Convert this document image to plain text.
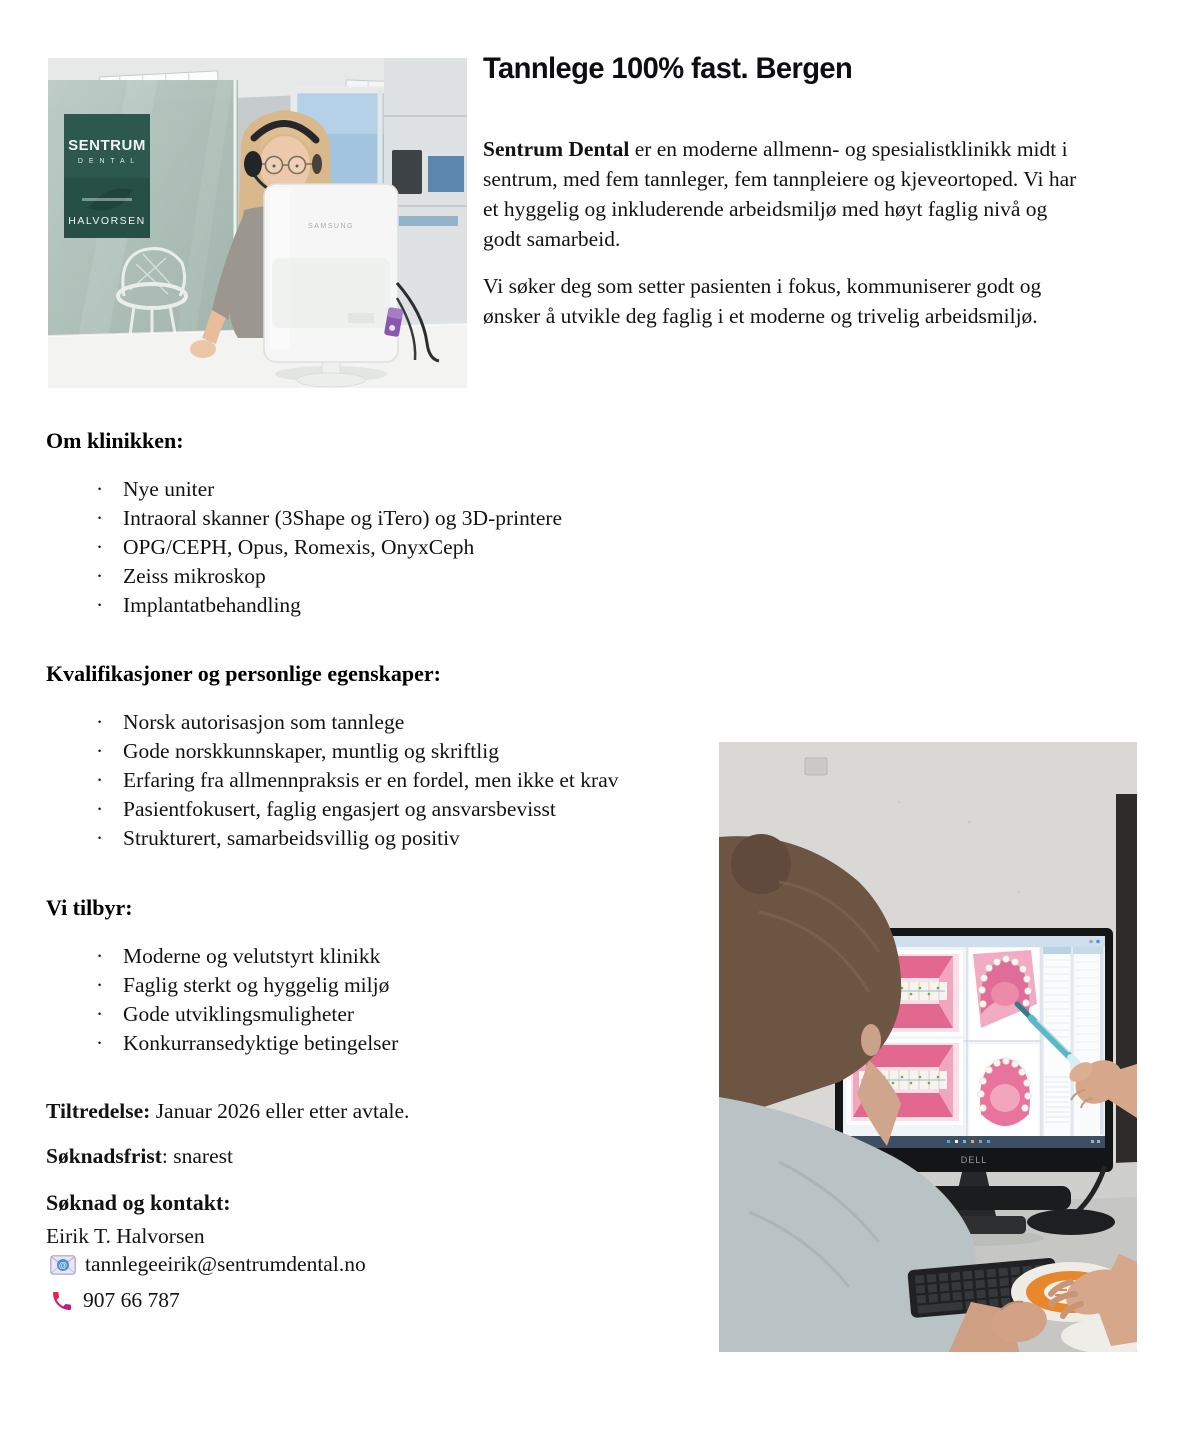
SENTRUM
D E N T A L
HALVORSEN	SAMSUNG
Tannlege 100% fast. Bergen

Sentrum Dental er en moderne allmenn- og spesialistklinikk midt i sentrum, med fem tannleger, fem tannpleiere og kjeveortoped. Vi har et hyggelig og inkluderende arbeidsmiljø med høyt faglig nivå og godt samarbeid.

Vi søker deg som setter pasienten i fokus, kommuniserer godt og ønsker å utvikle deg faglig i et moderne og trivelig arbeidsmiljø.

Om klinikken:
· Nye uniter
· Intraoral skanner (3Shape og iTero) og 3D-printere
· OPG/CEPH, Opus, Romexis, OnyxCeph
· Zeiss mikroskop
· Implantatbehandling
Kvalifikasjoner og personlige egenskaper:
· Norsk autorisasjon som tannlege
· Gode norskkunnskaper, muntlig og skriftlig
· Erfaring fra allmennpraksis er en fordel, men ikke et krav
· Pasientfokusert, faglig engasjert og ansvarsbevisst
· Strukturert, samarbeidsvillig og positiv
Vi tilbyr:
· Moderne og velutstyrt klinikk
· Faglig sterkt og hyggelig miljø
· Gode utviklingsmuligheter
· Konkurransedyktige betingelser

Tiltredelse: Januar 2026 eller etter avtale.

Søknadsfrist: snarest

Søknad og kontakt:

Eirik T. Halvorsen

@ tannlegeeirik@sentrumdental.no
907 66 787
DELL
